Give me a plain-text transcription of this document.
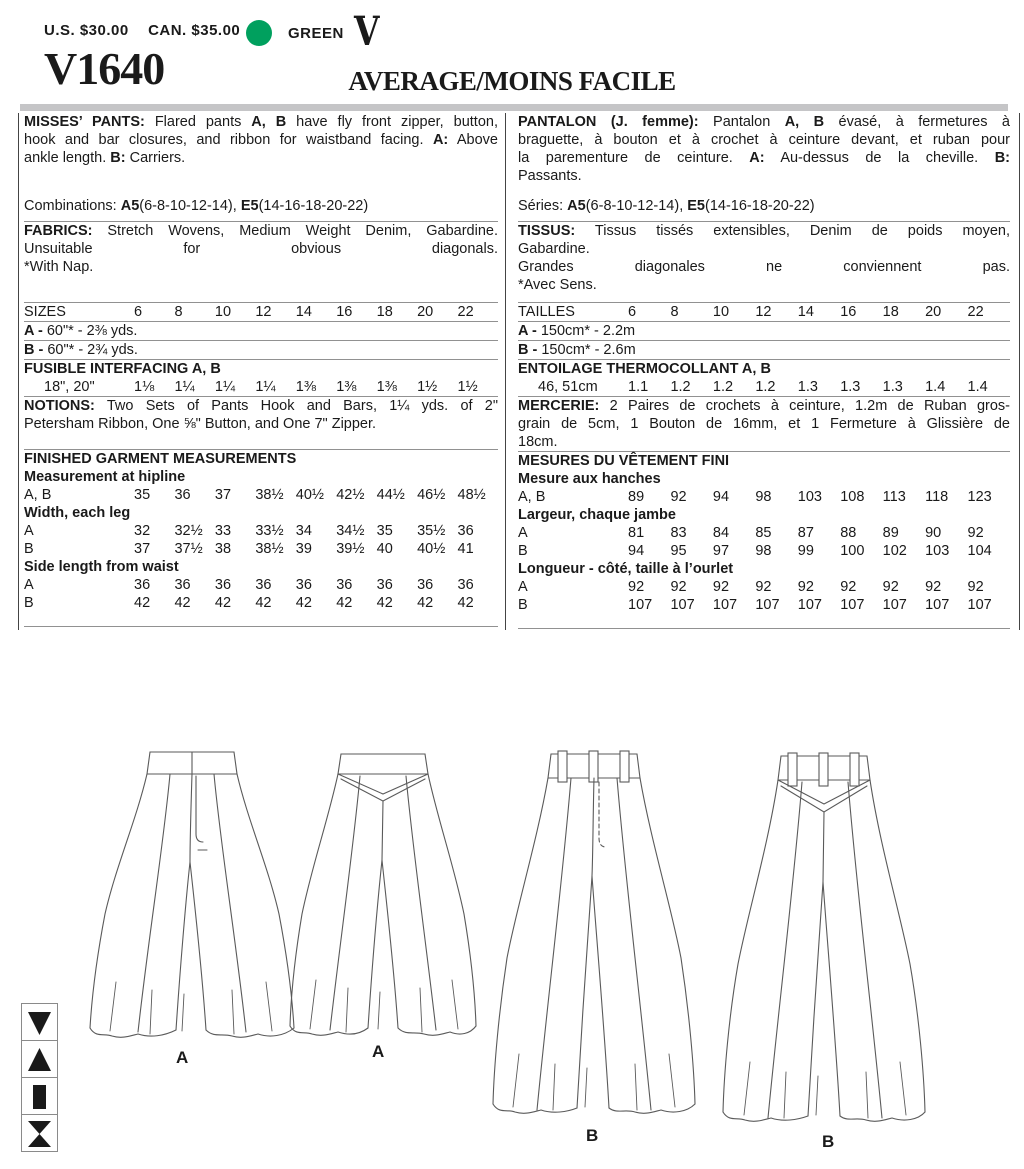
U.S. $30.00 CAN. $35.00	GREEN V
V1640	AVERAGE/MOINS FACILE
MISSES’ PANTS: Flared pants A, B have fly front zipper, button,
hook and bar closures, and ribbon for waistband facing. A: Above
ankle length. B: Carriers.
Combinations: A5(6-8-10-12-14), E5(14-16-18-20-22)
FABRICS: Stretch Wovens, Medium Weight Denim, Gabardine.
Unsuitable for obvious diagonals.
*With Nap.
SIZES	6	8	10	12	14	16	18	20	22
A - 60"* - 2⅜ yds.
B - 60"* - 2¾ yds.
FUSIBLE INTERFACING A, B
18", 20"	1⅛	1¼	1¼	1¼	1⅜	1⅜	1⅜	1½	1½
NOTIONS: Two Sets of Pants Hook and Bars, 1¼ yds. of 2"
Petersham Ribbon, One ⅝" Button, and One 7" Zipper.
FINISHED GARMENT MEASUREMENTS
Measurement at hipline
A, B	35	36	37	38½ 40½ 42½ 44½ 46½ 48½
Width, each leg
A	32	32½ 33	33½ 34	34½ 35	35½ 36
B	37	37½ 38	38½ 39	39½ 40	40½ 41
Side length from waist
A	36	36	36	36	36	36	36	36	36
B	42	42	42	42	42	42	42	42	42
PANTALON (J. femme): Pantalon A, B évasé, à fermetures à
braguette, à bouton et à crochet à ceinture devant, et ruban pour
la parementure de ceinture. A: Au-dessus de la cheville. B:
Passants.
Séries: A5(6-8-10-12-14), E5(14-16-18-20-22)
TISSUS: Tissus tissés extensibles, Denim de poids moyen,
Gabardine.
Grandes diagonales ne conviennent pas.
*Avec Sens.
TAILLES	6	8	10	12	14	16	18	20	22
A - 150cm* - 2.2m
B - 150cm* - 2.6m
ENTOILAGE THERMOCOLLANT A, B
46, 51cm	1.1	1.2	1.2	1.2	1.3	1.3	1.3	1.4	1.4
MERCERIE: 2 Paires de crochets à ceinture, 1.2m de Ruban gros-
grain de 5cm, 1 Bouton de 16mm, et 1 Fermeture à Glissière de
18cm.
MESURES DU VÊTEMENT FINI
Mesure aux hanches
A, B	89	92	94	98	103	108	113	118	123
Largeur, chaque jambe
A	81	83	84	85	87	88	89	90	92
B	94	95	97	98	99	100	102	103	104
Longueur - côté, taille à l’ourlet
A	92	92	92	92	92	92	92	92	92
B	107	107	107	107	107	107	107	107	107
A	A
B	B
